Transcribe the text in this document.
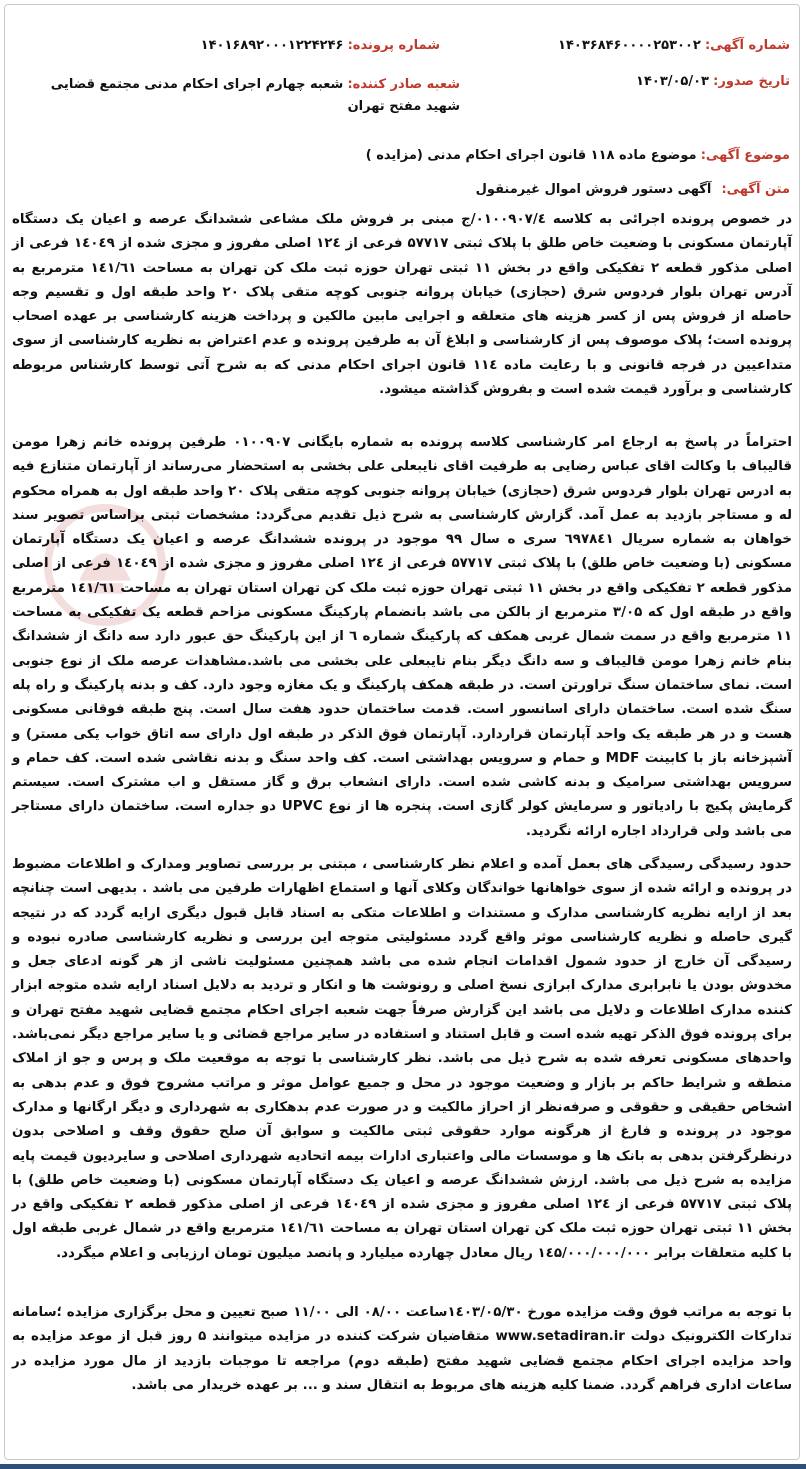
شماره آگهی: ۱۴۰۳۶۸۴۶۰۰۰۰۲۵۳۰۰۲
شماره پرونده: ۱۴۰۱۶۸۹۲۰۰۰۱۲۲۴۲۴۶
تاریخ صدور: ۱۴۰۳/۰۵/۰۳
شعبه صادر کننده: شعبه چهارم اجرای احکام مدنی مجتمع قضایی شهید مفتح تهران
موضوع آگهی: موضوع ماده ۱۱۸ قانون اجرای احکام مدنی (مزایده )
متن آگهی: آگهی دستور فروش اموال غیرمنقول

در خصوص پرونده اجرائی به کلاسه ۰۱۰۰۹۰۷/٤/ج مبنی بر فروش ملک مشاعی ششدانگ عرصه و اعیان یک دستگاه آپارتمان مسکونی با وضعیت خاص طلق با پلاک ثبتی ۵۷۷۱۷ فرعی از ۱۲٤ اصلی مفروز و مجزی شده از ۱٤۰٤۹ فرعی از اصلی مذکور قطعه ۲ تفکیکی واقع در بخش ۱۱ ثبتی تهران حوزه ثبت ملک کن تهران به مساحت ۱٤۱/٦۱ مترمربع به آدرس تهران بلوار فردوس شرق (حجازی) خیابان پروانه جنوبی کوچه متقی پلاک ۲۰ واحد طبقه اول و تقسیم وجه حاصله از فروش پس از کسر هزینه های متعلقه و اجرایی مابین مالکین و پرداخت هزینه کارشناسی بر عهده اصحاب پرونده است؛ پلاک موصوف پس از کارشناسی و ابلاغ آن به طرفین پرونده و عدم اعتراض به نظریه کارشناسی از سوی متداعیین در فرجه قانونی و با رعایت ماده ۱۱٤ قانون اجرای احکام مدنی که به شرح آتی توسط کارشناس مربوطه کارشناسی و برآورد قیمت شده است و بفروش گذاشته میشود.

احتراماً در پاسخ به ارجاع امر کارشناسی کلاسه پرونده به شماره بایگانی ۰۱۰۰۹۰۷ طرفین پرونده خانم زهرا مومن قالیباف با وکالت اقای عباس رضایی به طرفیت اقای نایبعلی علی بخشی به استحضار می‌رساند از آپارتمان متنازع فیه به ادرس تهران بلوار فردوس شرق (حجازی) خیابان پروانه جنوبی کوچه متقی پلاک ۲۰ واحد طبقه اول به همراه محکوم له و مستاجر بازدید به عمل آمد. گزارش کارشناسی به شرح ذیل تقدیم می‌گردد: مشخصات ثبتی براساس تصویر سند خواهان به شماره سریال ٦۹۷۸٤۱ سری ه سال ۹۹ موجود در پرونده ششدانگ عرصه و اعیان یک دستگاه آپارتمان مسکونی (با وضعیت خاص طلق) با پلاک ثبتی ۵۷۷۱۷ فرعی از ۱۲٤ اصلی مفروز و مجزی شده از ۱٤۰٤۹ فرعی از اصلی مذکور قطعه ۲ تفکیکی واقع در بخش ۱۱ ثبتی تهران حوزه ثبت ملک کن تهران استان تهران به مساحت ۱٤۱/٦۱ مترمربع واقع در طبقه اول که ۳/۰۵ مترمربع از بالکن می باشد بانضمام پارکینگ مسکونی مزاحم قطعه یک تفکیکی به مساحت ۱۱ مترمربع واقع در سمت شمال غربی همکف که پارکینگ شماره ٦ از این پارکینگ حق عبور دارد سه دانگ از ششدانگ بنام خانم زهرا مومن قالیباف و سه دانگ دیگر بنام نایبعلی علی بخشی می باشد.مشاهدات عرصه ملک از نوع جنوبی است. نمای ساختمان سنگ تراورتن است. در طبقه همکف پارکینگ و یک مغازه وجود دارد. کف و بدنه پارکینگ و راه پله سنگ شده است. ساختمان دارای اسانسور است. قدمت ساختمان حدود هفت سال است. پنج طبقه فوقانی مسکونی هست و در هر طبقه یک واحد آپارتمان قراردارد. آپارتمان فوق الذکر در طبقه اول دارای سه اتاق خواب یکی مستر) و آشپزخانه باز با کابینت MDF و حمام و سرویس بهداشتی است. کف واحد سنگ و بدنه نقاشی شده است. کف حمام و سرویس بهداشتی سرامیک و بدنه کاشی شده است. دارای انشعاب برق و گاز مستقل و اب مشترک است. سیستم گرمایش پکیج با رادیاتور و سرمایش کولر گازی است. پنجره ها از نوع UPVC دو جداره است. ساختمان دارای مستاجر می باشد ولی قرارداد اجاره ارائه نگردید.

حدود رسیدگی رسیدگی های بعمل آمده و اعلام نظر کارشناسی ، مبتنی بر بررسی تصاویر ومدارک و اطلاعات مضبوط در پرونده و ارائه شده از سوی خواهانها خواندگان وکلای آنها و استماع اظهارات طرفین می باشد . بدیهی است چنانچه بعد از ارایه نظریه کارشناسی مدارک و مستندات و اطلاعات متکی به اسناد قابل قبول دیگری ارایه گردد که در نتیجه گیری حاصله و نظریه کارشناسی موثر واقع گردد مسئولیتی متوجه این بررسی و نظریه کارشناسی صادره نبوده و رسیدگی آن خارج از حدود شمول اقدامات انجام شده می باشد همچنین مسئولیت ناشی از هر گونه ادعای جعل و مخدوش بودن یا نابرابری مدارک ابرازی نسخ اصلی و رونوشت ها و انکار و تردید به دلایل اسناد ارایه شده متوجه ابزار کننده مدارک اطلاعات و دلایل می باشد این گزارش صرفاً جهت شعبه اجرای احکام مجتمع قضایی شهید مفتح تهران و برای پرونده فوق الذکر تهیه شده است و قابل استناد و استفاده در سایر مراجع قضائی و یا سایر مراجع دیگر نمی‌باشد. واحدهای مسکونی تعرفه شده به شرح ذیل می باشد. نظر کارشناسی با توجه به موقعیت ملک و پرس و جو از املاک منطقه و شرایط حاکم بر بازار و وضعیت موجود در محل و جمیع عوامل موثر و مراتب مشروح فوق و عدم بدهی به اشخاص حقیقی و حقوقی و صرفه‌نظر از احراز مالکیت و در صورت عدم بدهکاری به شهرداری و دیگر ارگانها و مدارک موجود در پرونده و فارغ از هرگونه موارد حقوقی ثبتی مالکیت و سوابق آن صلح حقوق وقف و اصلاحی بدون درنظرگرفتن بدهی به بانک ها و موسسات مالی واعتباری ادارات بیمه اتحادیه شهرداری اصلاحی و سایردیون قیمت پایه مزایده به شرح ذیل می باشد. ارزش ششدانگ عرصه و اعیان یک دستگاه آپارتمان مسکونی (با وضعیت خاص طلق) با پلاک ثبتی ۵۷۷۱۷ فرعی از ۱۲٤ اصلی مفروز و مجزی شده از ۱٤۰٤۹ فرعی از اصلی مذکور قطعه ۲ تفکیکی واقع در بخش ۱۱ ثبتی تهران حوزه ثبت ملک کن تهران استان تهران به مساحت ۱٤۱/٦۱ مترمربع واقع در شمال غربی طبقه اول با کلیه متعلقات برابر ۱٤۵/۰۰۰/۰۰۰/۰۰۰ ریال معادل چهارده میلیارد و پانصد میلیون تومان ارزیابی و اعلام میگردد.

با توجه به مراتب فوق وقت مزایده مورخ ۱٤۰۳/۰۵/۳۰ساعت ۰۸/۰۰ الی ۱۱/۰۰ صبح تعیین و محل برگزاری مزایده ؛سامانه تدارکات الکترونیک دولت www.setadiran.ir متقاضیان شرکت کننده در مزایده میتوانند ۵ روز قبل از موعد مزایده به واحد مزایده اجرای احکام مجتمع قضایی شهید مفتح (طبقه دوم) مراجعه تا موجبات بازدید از مال مورد مزایده در ساعات اداری فراهم گردد. ضمنا کلیه هزینه های مربوط به انتقال سند و ... بر عهده خریدار می باشد.
